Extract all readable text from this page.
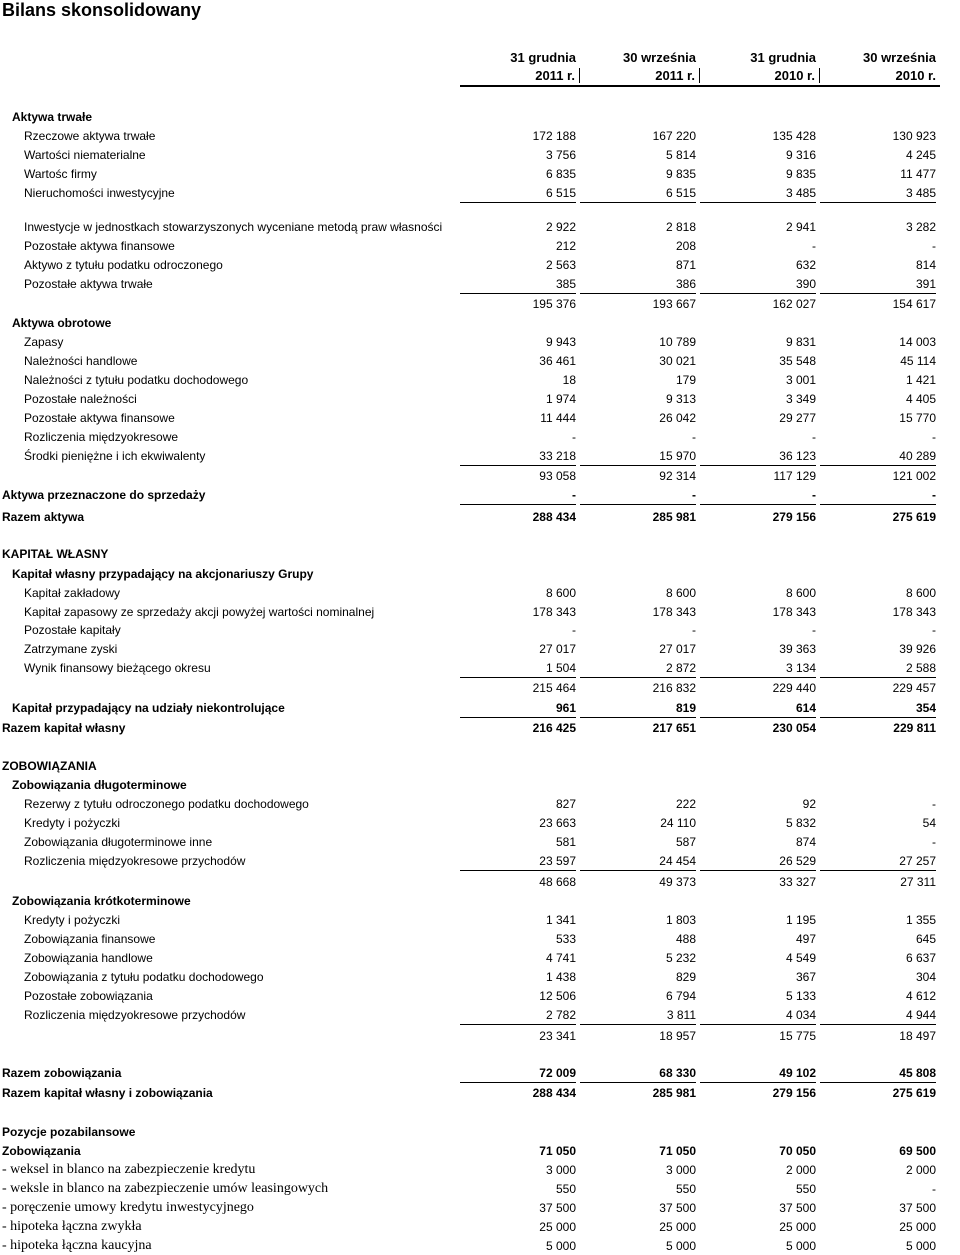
Bilans skonsolidowany
31 grudnia	30 września	31 grudnia	30 września
2011 r.	2011 r.	2010 r.	2010 r.
Aktywa trwałe
Rzeczowe aktywa trwałe	172 188	167 220	135 428	130 923
Wartości niematerialne	3 756	5 814	9 316	4 245
Wartośc firmy	6 835	9 835	9 835	11 477
Nieruchomości inwestycyjne	6 515	6 515	3 485	3 485
Inwestycje w jednostkach stowarzyszonych wyceniane metodą praw własności	2 922	2 818	2 941	3 282
Pozostałe aktywa finansowe	212	208	-	-
Aktywo z tytułu podatku odroczonego	2 563	871	632	814
Pozostałe aktywa trwałe	385	386	390	391
195 376	193 667	162 027	154 617
Aktywa obrotowe
Zapasy	9 943	10 789	9 831	14 003
Należności handlowe	36 461	30 021	35 548	45 114
Należności z tytułu podatku dochodowego	18	179	3 001	1 421
Pozostałe należności	1 974	9 313	3 349	4 405
Pozostałe aktywa finansowe	11 444	26 042	29 277	15 770
Rozliczenia międzyokresowe	-	-	-	-
Środki pieniężne i ich ekwiwalenty	33 218	15 970	36 123	40 289
93 058	92 314	117 129	121 002
Aktywa przeznaczone do sprzedaży	-	-	-	-
Razem aktywa	288 434	285 981	279 156	275 619
KAPITAŁ WŁASNY
Kapitał własny przypadający na akcjonariuszy Grupy
Kapitał zakładowy	8 600	8 600	8 600	8 600
Kapitał zapasowy ze sprzedaży akcji powyżej wartości nominalnej	178 343	178 343	178 343	178 343
Pozostałe kapitały	-	-	-	-
Zatrzymane zyski	27 017	27 017	39 363	39 926
Wynik finansowy bieżącego okresu	1 504	2 872	3 134	2 588
215 464	216 832	229 440	229 457
Kapitał przypadający na udziały niekontrolujące	961	819	614	354
Razem kapitał własny	216 425	217 651	230 054	229 811
ZOBOWIĄZANIA
Zobowiązania długoterminowe
Rezerwy z tytułu odroczonego podatku dochodowego	827	222	92	-
Kredyty i pożyczki	23 663	24 110	5 832	54
Zobowiązania długoterminowe inne	581	587	874	-
Rozliczenia międzyokresowe przychodów	23 597	24 454	26 529	27 257
48 668	49 373	33 327	27 311
Zobowiązania krótkoterminowe
Kredyty i pożyczki	1 341	1 803	1 195	1 355
Zobowiązania finansowe	533	488	497	645
Zobowiązania handlowe	4 741	5 232	4 549	6 637
Zobowiązania z tytułu podatku dochodowego	1 438	829	367	304
Pozostałe zobowiązania	12 506	6 794	5 133	4 612
Rozliczenia międzyokresowe przychodów	2 782	3 811	4 034	4 944
23 341	18 957	15 775	18 497
Razem zobowiązania	72 009	68 330	49 102	45 808
Razem kapitał własny i zobowiązania	288 434	285 981	279 156	275 619
Pozycje pozabilansowe
Zobowiązania	71 050	71 050	70 050	69 500
- weksel in blanco na zabezpieczenie kredytu	3 000	3 000	2 000	2 000
- weksle in blanco na zabezpieczenie umów leasingowych	550	550	550	-
- poręczenie umowy kredytu inwestycyjnego	37 500	37 500	37 500	37 500
- hipoteka łączna zwykła	25 000	25 000	25 000	25 000
- hipoteka łączna kaucyjna	5 000	5 000	5 000	5 000
